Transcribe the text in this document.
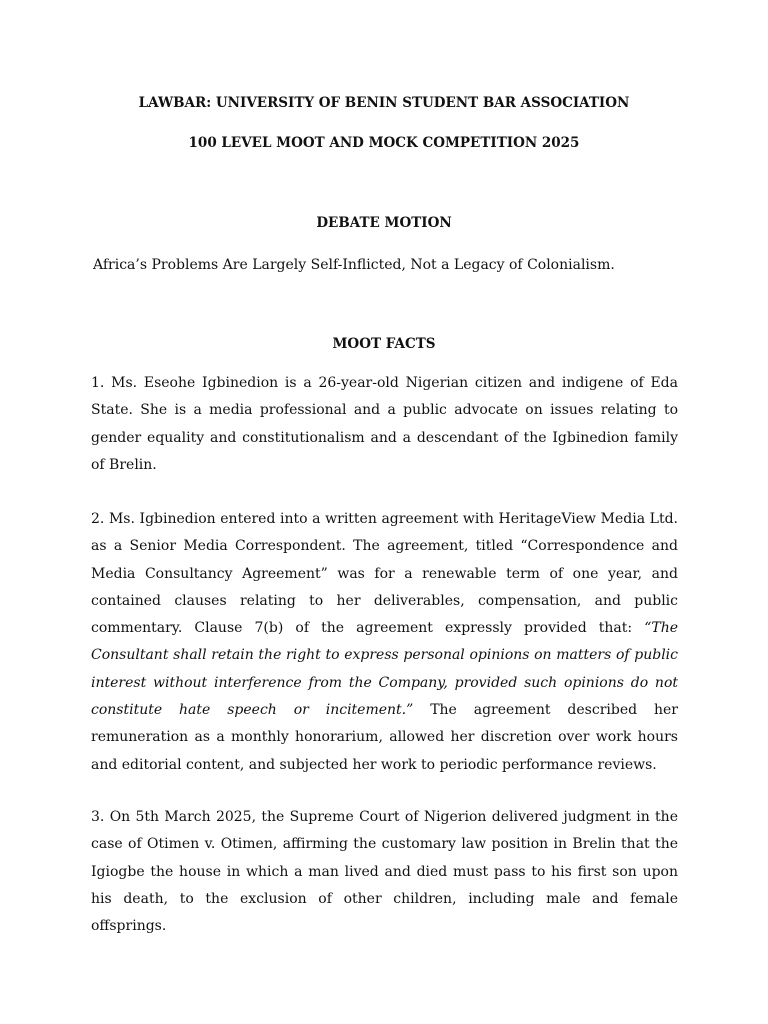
LAWBAR: UNIVERSITY OF BENIN STUDENT BAR ASSOCIATION

100 LEVEL MOOT AND MOCK COMPETITION 2025

DEBATE MOTION

Africa’s Problems Are Largely Self-Inflicted, Not a Legacy of Colonialism.

MOOT FACTS

1. Ms. Eseohe Igbinedion is a 26-year-old Nigerian citizen and indigene of Eda State. She is a media professional and a public advocate on issues relating to gender equality and constitutionalism and a descendant of the Igbinedion family of Brelin.

2. Ms. Igbinedion entered into a written agreement with HeritageView Media Ltd. as a Senior Media Correspondent. The agreement, titled “Correspondence and Media Consultancy Agreement” was for a renewable term of one year, and contained clauses relating to her deliverables, compensation, and public commentary. Clause 7(b) of the agreement expressly provided that: “The Consultant shall retain the right to express personal opinions on matters of public interest without interference from the Company, provided such opinions do not constitute hate speech or incitement.” The agreement described her remuneration as a monthly honorarium, allowed her discretion over work hours and editorial content, and subjected her work to periodic performance reviews.

3. On 5th March 2025, the Supreme Court of Nigerion delivered judgment in the case of Otimen v. Otimen, affirming the customary law position in Brelin that the Igiogbe the house in which a man lived and died must pass to his first son upon his death, to the exclusion of other children, including male and female offsprings.
